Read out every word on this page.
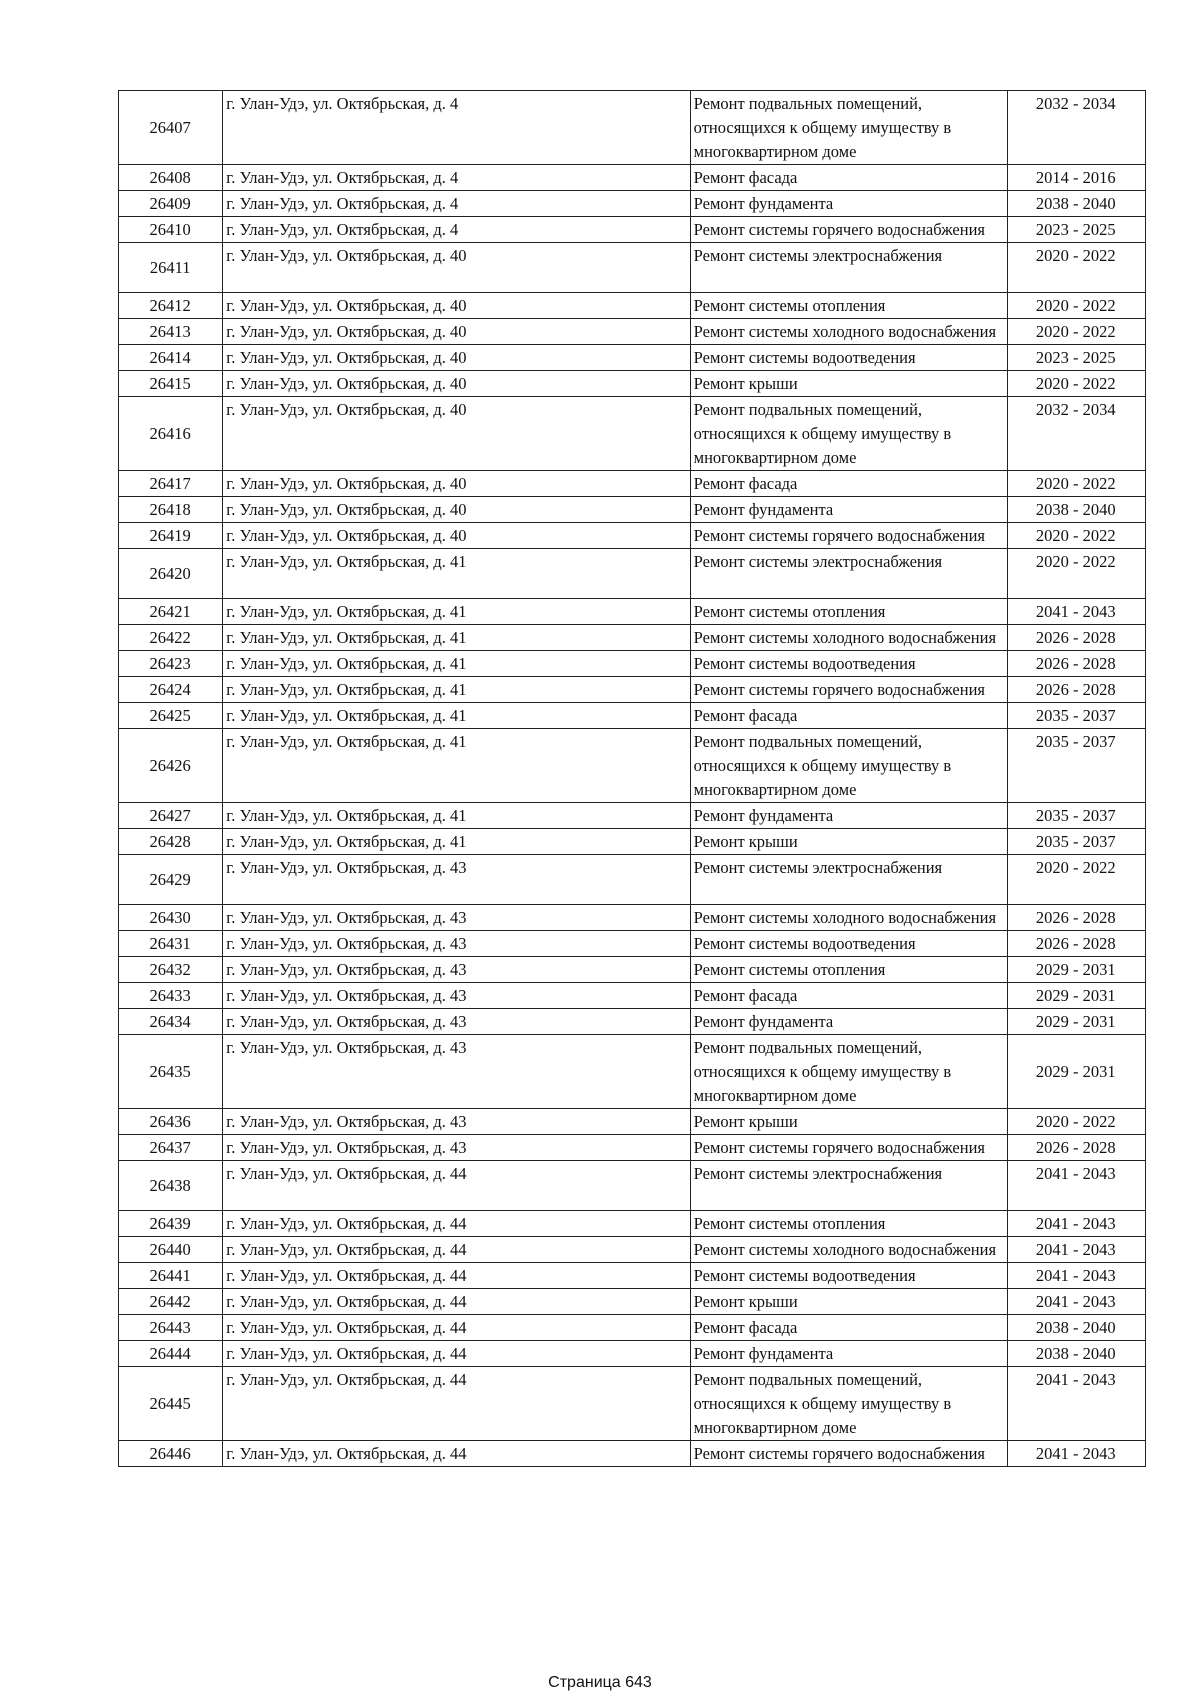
26407	г. Улан-Удэ, ул. Октябрьская, д. 4	Ремонт подвальных помещений, относящихся к общему имуществу в многоквартирном доме	2032 - 2034
26408	г. Улан-Удэ, ул. Октябрьская, д. 4	Ремонт фасада	2014 - 2016
26409	г. Улан-Удэ, ул. Октябрьская, д. 4	Ремонт фундамента	2038 - 2040
26410	г. Улан-Удэ, ул. Октябрьская, д. 4	Ремонт системы горячего водоснабжения	2023 - 2025
26411	г. Улан-Удэ, ул. Октябрьская, д. 40	Ремонт системы электроснабжения	2020 - 2022
26412	г. Улан-Удэ, ул. Октябрьская, д. 40	Ремонт системы отопления	2020 - 2022
26413	г. Улан-Удэ, ул. Октябрьская, д. 40	Ремонт системы холодного водоснабжения	2020 - 2022
26414	г. Улан-Удэ, ул. Октябрьская, д. 40	Ремонт системы водоотведения	2023 - 2025
26415	г. Улан-Удэ, ул. Октябрьская, д. 40	Ремонт крыши	2020 - 2022
26416	г. Улан-Удэ, ул. Октябрьская, д. 40	Ремонт подвальных помещений, относящихся к общему имуществу в многоквартирном доме	2032 - 2034
26417	г. Улан-Удэ, ул. Октябрьская, д. 40	Ремонт фасада	2020 - 2022
26418	г. Улан-Удэ, ул. Октябрьская, д. 40	Ремонт фундамента	2038 - 2040
26419	г. Улан-Удэ, ул. Октябрьская, д. 40	Ремонт системы горячего водоснабжения	2020 - 2022
26420	г. Улан-Удэ, ул. Октябрьская, д. 41	Ремонт системы электроснабжения	2020 - 2022
26421	г. Улан-Удэ, ул. Октябрьская, д. 41	Ремонт системы отопления	2041 - 2043
26422	г. Улан-Удэ, ул. Октябрьская, д. 41	Ремонт системы холодного водоснабжения	2026 - 2028
26423	г. Улан-Удэ, ул. Октябрьская, д. 41	Ремонт системы водоотведения	2026 - 2028
26424	г. Улан-Удэ, ул. Октябрьская, д. 41	Ремонт системы горячего водоснабжения	2026 - 2028
26425	г. Улан-Удэ, ул. Октябрьская, д. 41	Ремонт фасада	2035 - 2037
26426	г. Улан-Удэ, ул. Октябрьская, д. 41	Ремонт подвальных помещений, относящихся к общему имуществу в многоквартирном доме	2035 - 2037
26427	г. Улан-Удэ, ул. Октябрьская, д. 41	Ремонт фундамента	2035 - 2037
26428	г. Улан-Удэ, ул. Октябрьская, д. 41	Ремонт крыши	2035 - 2037
26429	г. Улан-Удэ, ул. Октябрьская, д. 43	Ремонт системы электроснабжения	2020 - 2022
26430	г. Улан-Удэ, ул. Октябрьская, д. 43	Ремонт системы холодного водоснабжения	2026 - 2028
26431	г. Улан-Удэ, ул. Октябрьская, д. 43	Ремонт системы водоотведения	2026 - 2028
26432	г. Улан-Удэ, ул. Октябрьская, д. 43	Ремонт системы отопления	2029 - 2031
26433	г. Улан-Удэ, ул. Октябрьская, д. 43	Ремонт фасада	2029 - 2031
26434	г. Улан-Удэ, ул. Октябрьская, д. 43	Ремонт фундамента	2029 - 2031
26435	г. Улан-Удэ, ул. Октябрьская, д. 43	Ремонт подвальных помещений, относящихся к общему имуществу в многоквартирном доме	2029 - 2031
26436	г. Улан-Удэ, ул. Октябрьская, д. 43	Ремонт крыши	2020 - 2022
26437	г. Улан-Удэ, ул. Октябрьская, д. 43	Ремонт системы горячего водоснабжения	2026 - 2028
26438	г. Улан-Удэ, ул. Октябрьская, д. 44	Ремонт системы электроснабжения	2041 - 2043
26439	г. Улан-Удэ, ул. Октябрьская, д. 44	Ремонт системы отопления	2041 - 2043
26440	г. Улан-Удэ, ул. Октябрьская, д. 44	Ремонт системы холодного водоснабжения	2041 - 2043
26441	г. Улан-Удэ, ул. Октябрьская, д. 44	Ремонт системы водоотведения	2041 - 2043
26442	г. Улан-Удэ, ул. Октябрьская, д. 44	Ремонт крыши	2041 - 2043
26443	г. Улан-Удэ, ул. Октябрьская, д. 44	Ремонт фасада	2038 - 2040
26444	г. Улан-Удэ, ул. Октябрьская, д. 44	Ремонт фундамента	2038 - 2040
26445	г. Улан-Удэ, ул. Октябрьская, д. 44	Ремонт подвальных помещений, относящихся к общему имуществу в многоквартирном доме	2041 - 2043
26446	г. Улан-Удэ, ул. Октябрьская, д. 44	Ремонт системы горячего водоснабжения	2041 - 2043
Страница 643
